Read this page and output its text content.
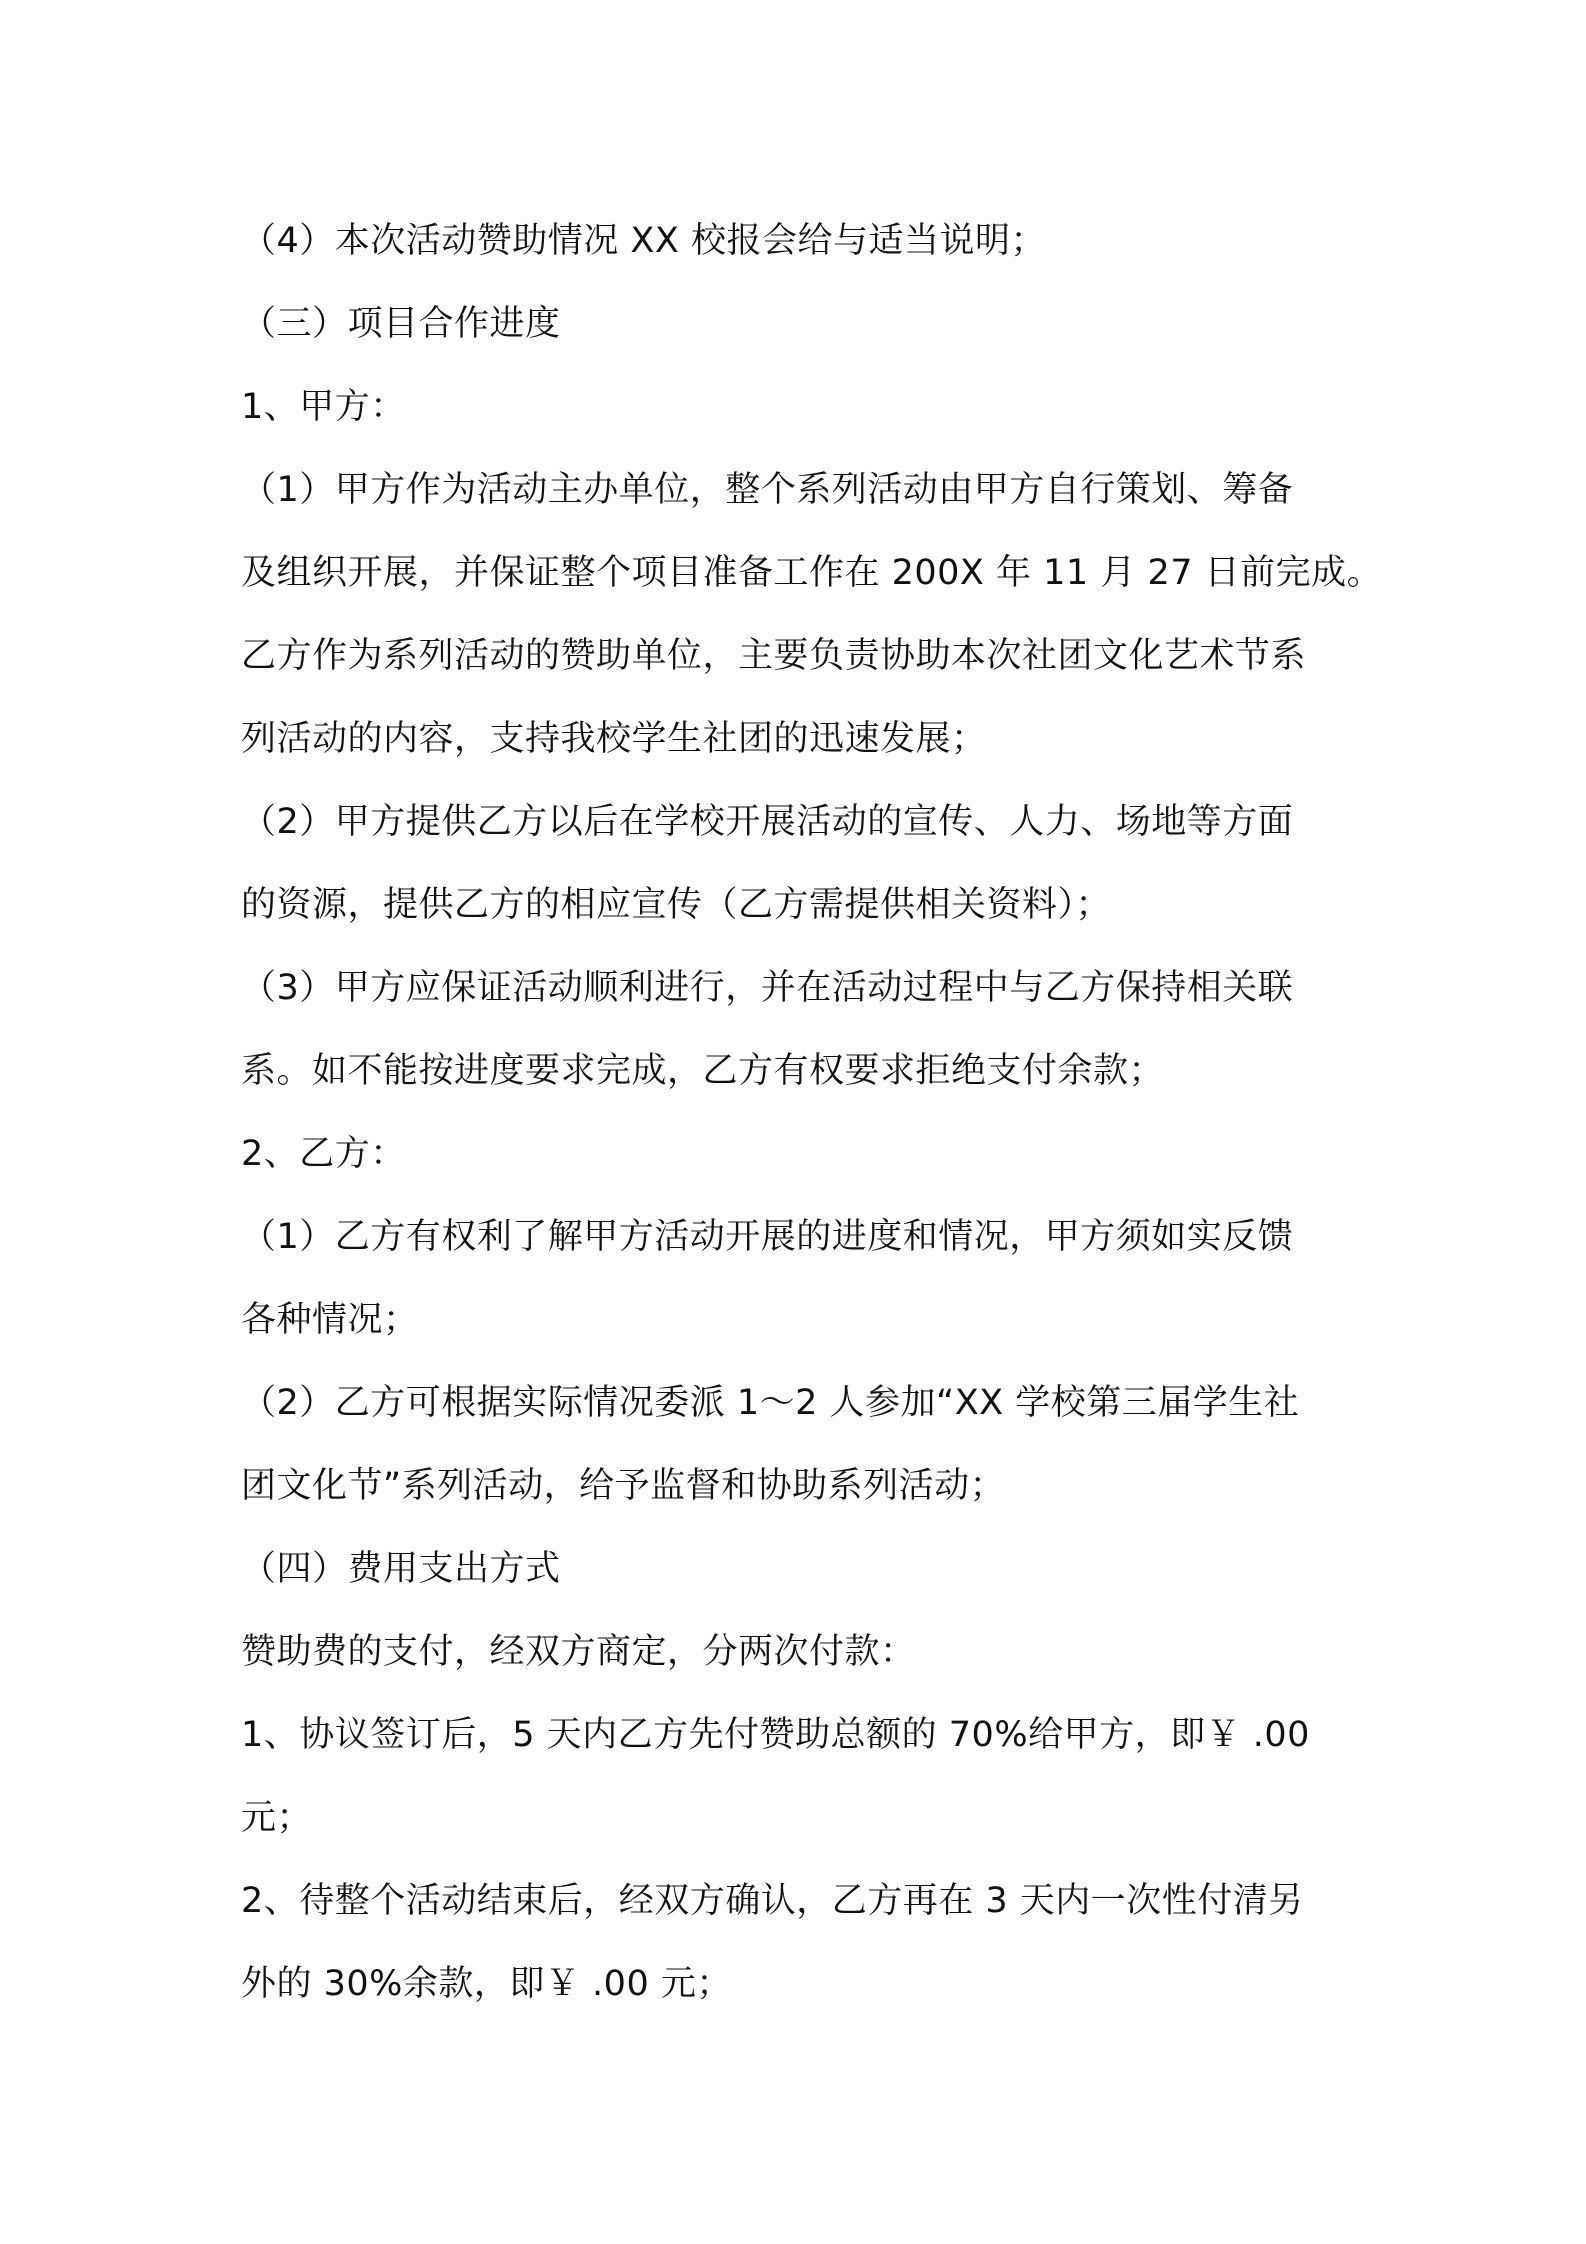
（4）本次活动赞助情况 XX 校报会给与适当说明；
（三）项目合作进度
1、甲方：
（1）甲方作为活动主办单位，整个系列活动由甲方自行策划、筹备
及组织开展，并保证整个项目准备工作在 200X 年 11 月 27 日前完成。
乙方作为系列活动的赞助单位，主要负责协助本次社团文化艺术节系
列活动的内容，支持我校学生社团的迅速发展；
（2）甲方提供乙方以后在学校开展活动的宣传、人力、场地等方面
的资源，提供乙方的相应宣传（乙方需提供相关资料）；
（3）甲方应保证活动顺利进行，并在活动过程中与乙方保持相关联
系。如不能按进度要求完成，乙方有权要求拒绝支付余款；
2、乙方：
（1）乙方有权利了解甲方活动开展的进度和情况，甲方须如实反馈
各种情况；
（2）乙方可根据实际情况委派 1～2 人参加“XX 学校第三届学生社
团文化节”系列活动，给予监督和协助系列活动；
（四）费用支出方式
赞助费的支付，经双方商定，分两次付款：
1、协议签订后，5 天内乙方先付赞助总额的 70%给甲方，即￥ .00
元；
2、待整个活动结束后，经双方确认，乙方再在 3 天内一次性付清另
外的 30%余款，即￥ .00 元；
